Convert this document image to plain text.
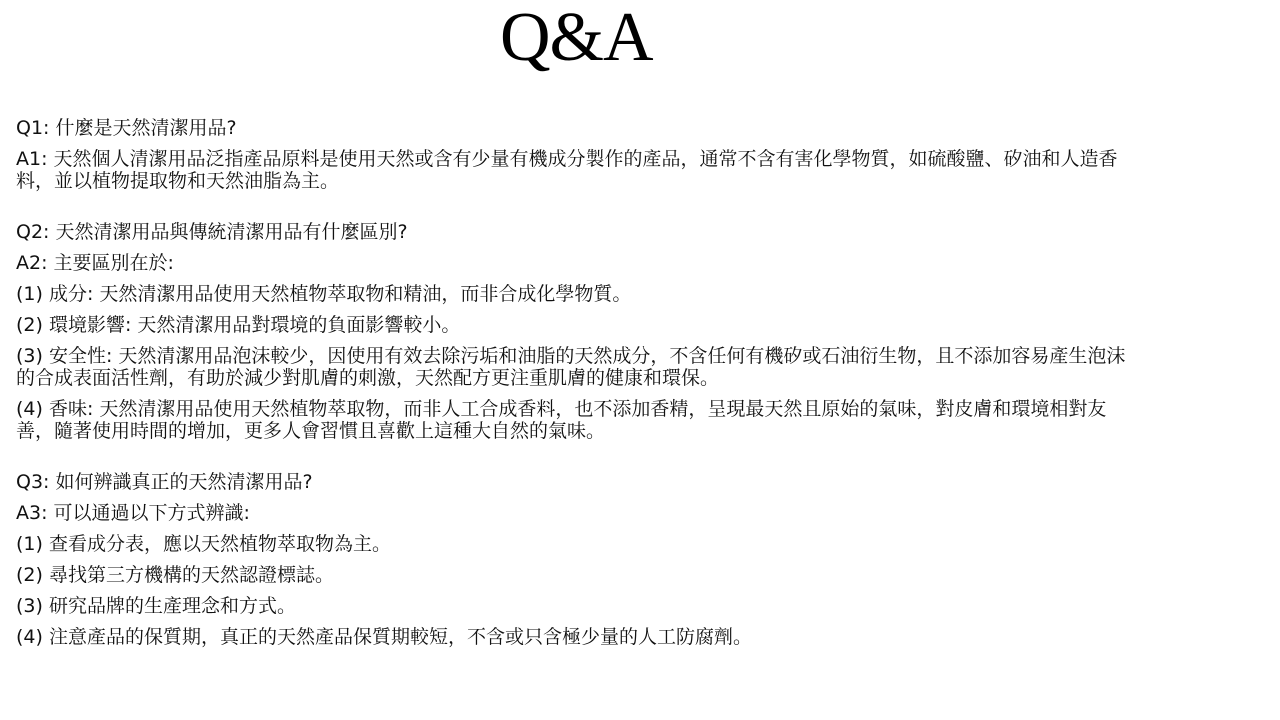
Q&A

Q1: 什麼是天然清潔用品?

A1: 天然個人清潔用品泛指產品原料是使用天然或含有少量有機成分製作的產品，通常不含有害化學物質，如硫酸鹽、矽油和人造香料，並以植物提取物和天然油脂為主。

Q2: 天然清潔用品與傳統清潔用品有什麼區別?

A2: 主要區別在於:

(1) 成分: 天然清潔用品使用天然植物萃取物和精油，而非合成化學物質。
(2) 環境影響: 天然清潔用品對環境的負面影響較小。
(3) 安全性: 天然清潔用品泡沫較少，因使用有效去除污垢和油脂的天然成分，不含任何有機矽或石油衍生物，且不添加容易產生泡沫的合成表面活性劑，有助於減少對肌膚的刺激，天然配方更注重肌膚的健康和環保。
(4) 香味: 天然清潔用品使用天然植物萃取物，而非人工合成香料，也不添加香精，呈現最天然且原始的氣味，對皮膚和環境相對友善，隨著使用時間的增加，更多人會習慣且喜歡上這種大自然的氣味。

Q3: 如何辨識真正的天然清潔用品?

A3: 可以通過以下方式辨識:

(1) 查看成分表，應以天然植物萃取物為主。
(2) 尋找第三方機構的天然認證標誌。
(3) 研究品牌的生產理念和方式。
(4) 注意產品的保質期，真正的天然產品保質期較短，不含或只含極少量的人工防腐劑。
